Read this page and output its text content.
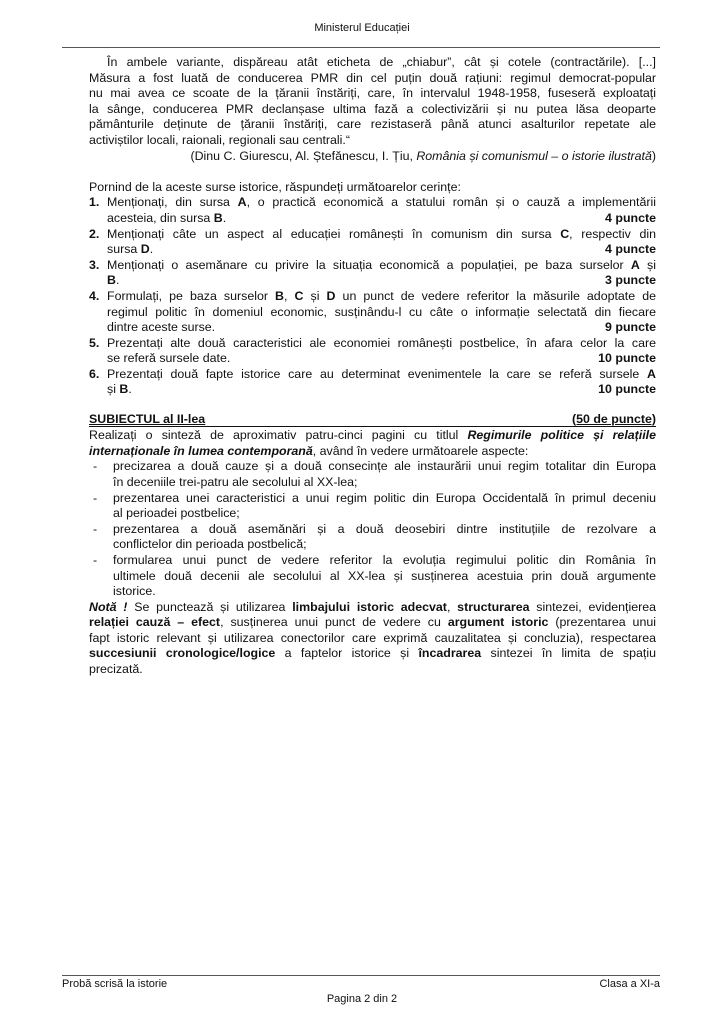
Ministerul Educației
În ambele variante, dispăreau atât eticheta de „chiabur”, cât și cotele (contractările). [...]
Măsura a fost luată de conducerea PMR din cel puțin două rațiuni: regimul democrat-popular
nu mai avea ce scoate de la țăranii înstăriți, care, în intervalul 1948-1958, fuseseră exploatați
la sânge, conducerea PMR declanșase ultima fază a colectivizării și nu putea lăsa deoparte
pământurile deținute de țăranii înstăriți, care rezistaseră până atunci asalturilor repetate ale
activiștilor locali, raionali, regionali sau centrali.“
(Dinu C. Giurescu, Al. Ștefănescu, I. Țiu, România și comunismul – o istorie ilustrată)
Pornind de la aceste surse istorice, răspundeți următoarelor cerințe:
1. Menționați, din sursa A, o practică economică a statului român și o cauză a implementării
4 puncte
acesteia, din sursa B.
2. Menționați câte un aspect al educației românești în comunism din sursa C, respectiv din
4 puncte
sursa D.
3. Menționați o asemănare cu privire la situația economică a populației, pe baza surselor A și
3 puncte
B.
4. Formulați, pe baza surselor B, C și D un punct de vedere referitor la măsurile adoptate de
regimul politic în domeniul economic, susținându-l cu câte o informație selectată din fiecare
9 puncte
dintre aceste surse.
5. Prezentați alte două caracteristici ale economiei românești postbelice, în afara celor la care
10 puncte
se referă sursele date.
6. Prezentați două fapte istorice care au determinat evenimentele la care se referă sursele A
10 puncte
și B.
SUBIECTUL al II-lea	(50 de puncte)
Realizați o sinteză de aproximativ patru-cinci pagini cu titlul Regimurile politice și relațiile
internaționale în lumea contemporană, având în vedere următoarele aspecte:
- precizarea a două cauze și a două consecințe ale instaurării unui regim totalitar din Europa
în deceniile trei-patru ale secolului al XX-lea;
- prezentarea unei caracteristici a unui regim politic din Europa Occidentală în primul deceniu
al perioadei postbelice;
- prezentarea a două asemănări și a două deosebiri dintre instituțiile de rezolvare a
conflictelor din perioada postbelică;
- formularea unui punct de vedere referitor la evoluția regimului politic din România în
ultimele două decenii ale secolului al XX-lea și susținerea acestuia prin două argumente
istorice.
Notă ! Se punctează și utilizarea limbajului istoric adecvat, structurarea sintezei, evidențierea
relației cauză – efect, susținerea unui punct de vedere cu argument istoric (prezentarea unui
fapt istoric relevant și utilizarea conectorilor care exprimă cauzalitatea și concluzia), respectarea
succesiunii cronologice/logice a faptelor istorice și încadrarea sintezei în limita de spațiu
precizată.
Probă scrisă la istorie	Clasa a XI-a
Pagina 2 din 2
